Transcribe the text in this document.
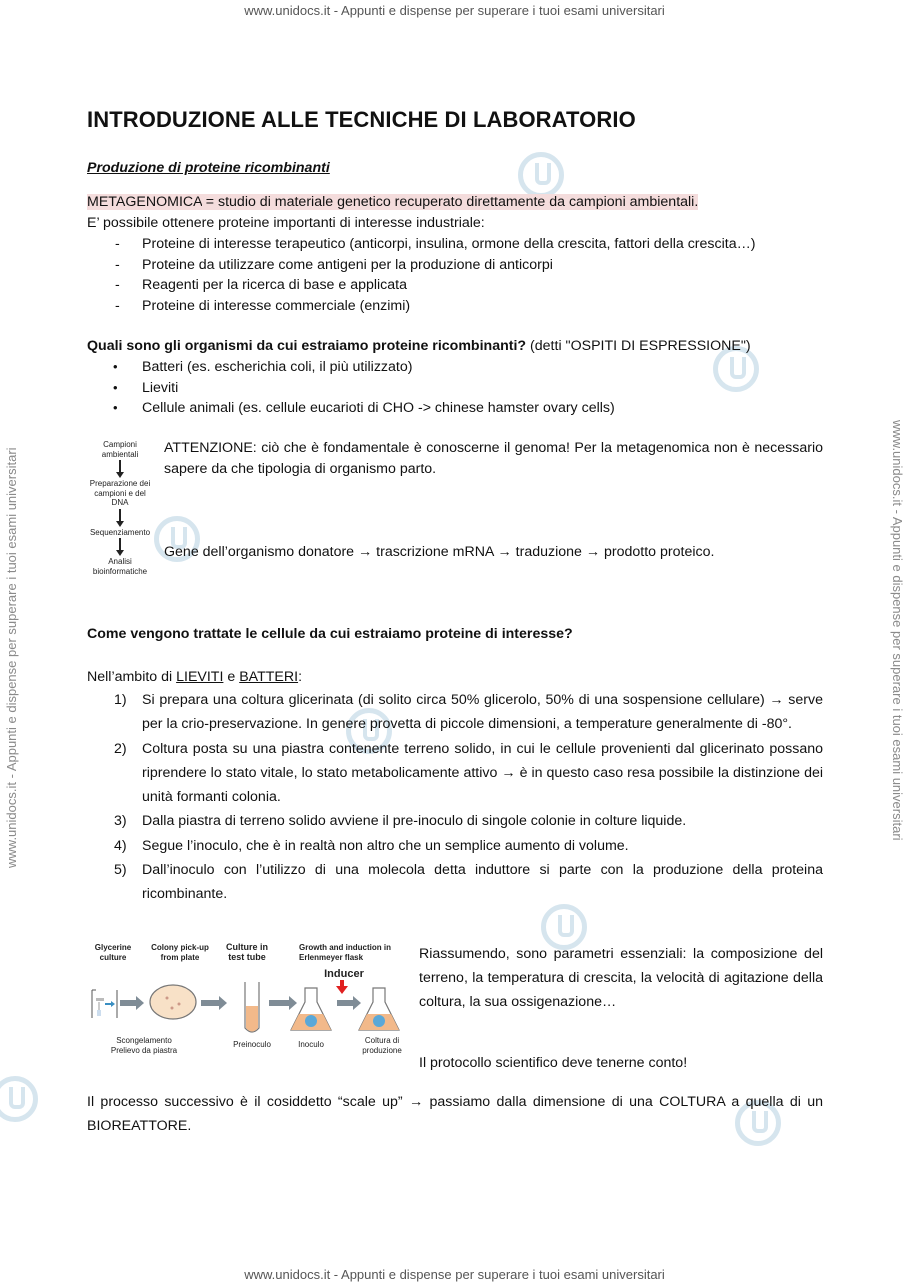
www.unidocs.it - Appunti e dispense per superare i tuoi esami universitari
www.unidocs.it - Appunti e dispense per superare i tuoi esami universitari
www.unidocs.it - Appunti e dispense per superare i tuoi esami universitari	www.unidocs.it - Appunti e dispense per superare i tuoi esami universitari
INTRODUZIONE ALLE TECNICHE DI LABORATORIO
Produzione di proteine ricombinanti
METAGENOMICA = studio di materiale genetico recuperato direttamente da campioni ambientali.
E’ possibile ottenere proteine importanti di interesse industriale:
- Proteine di interesse terapeutico (anticorpi, insulina, ormone della crescita, fattori della crescita…)
- Proteine da utilizzare come antigeni per la produzione di anticorpi
- Reagenti per la ricerca di base e applicata
- Proteine di interesse commerciale (enzimi)
Quali sono gli organismi da cui estraiamo proteine ricombinanti? (detti "OSPITI DI ESPRESSIONE")
• Batteri (es. escherichia coli, il più utilizzato)
• Lieviti
• Cellule animali (es. cellule eucarioti di CHO -> chinese hamster ovary cells)
ATTENZIONE: ciò che è fondamentale è conoscerne il genoma! Per la metagenomica non è necessario sapere da che tipologia di organismo parto.
Gene dell’organismo donatore → trascrizione mRNA → traduzione → prodotto proteico.
Come vengono trattate le cellule da cui estraiamo proteine di interesse?
Nell’ambito di LIEVITI e BATTERI:
1) Si prepara una coltura glicerinata (di solito circa 50% glicerolo, 50% di una sospensione cellulare) → serve per la crio-preservazione. In genere provetta di piccole dimensioni, a temperature generalmente di -80°.
2) Coltura posta su una piastra contenente terreno solido, in cui le cellule provenienti dal glicerinato possano riprendere lo stato vitale, lo stato metabolicamente attivo → è in questo caso resa possibile la distinzione dei unità formanti colonia.
3) Dalla piastra di terreno solido avviene il pre-inoculo di singole colonie in colture liquide.
4) Segue l’inoculo, che è in realtà non altro che un semplice aumento di volume.
5) Dall’inoculo con l’utilizzo di una molecola detta induttore si parte con la produzione della proteina ricombinante.
Il processo successivo è il cosiddetto “scale up” → passiamo dalla dimensione di una COLTURA a quella di un BIOREATTORE.
Campioni ambientali
Preparazione dei campioni e del DNA
Sequenziamento
Analisi bioinformatiche
Glycerine culture
Colony pick-up from plate
Culture in test tube
Growth and induction in Erlenmeyer flask
Inducer
Scongelamento Prelievo da piastra
Preinoculo	Inoculo	Coltura di produzione
Riassumendo, sono parametri essenziali: la composizione del terreno, la temperatura di crescita, la velocità di agitazione della coltura, la sua ossigenazione…
Il protocollo scientifico deve tenerne conto!
